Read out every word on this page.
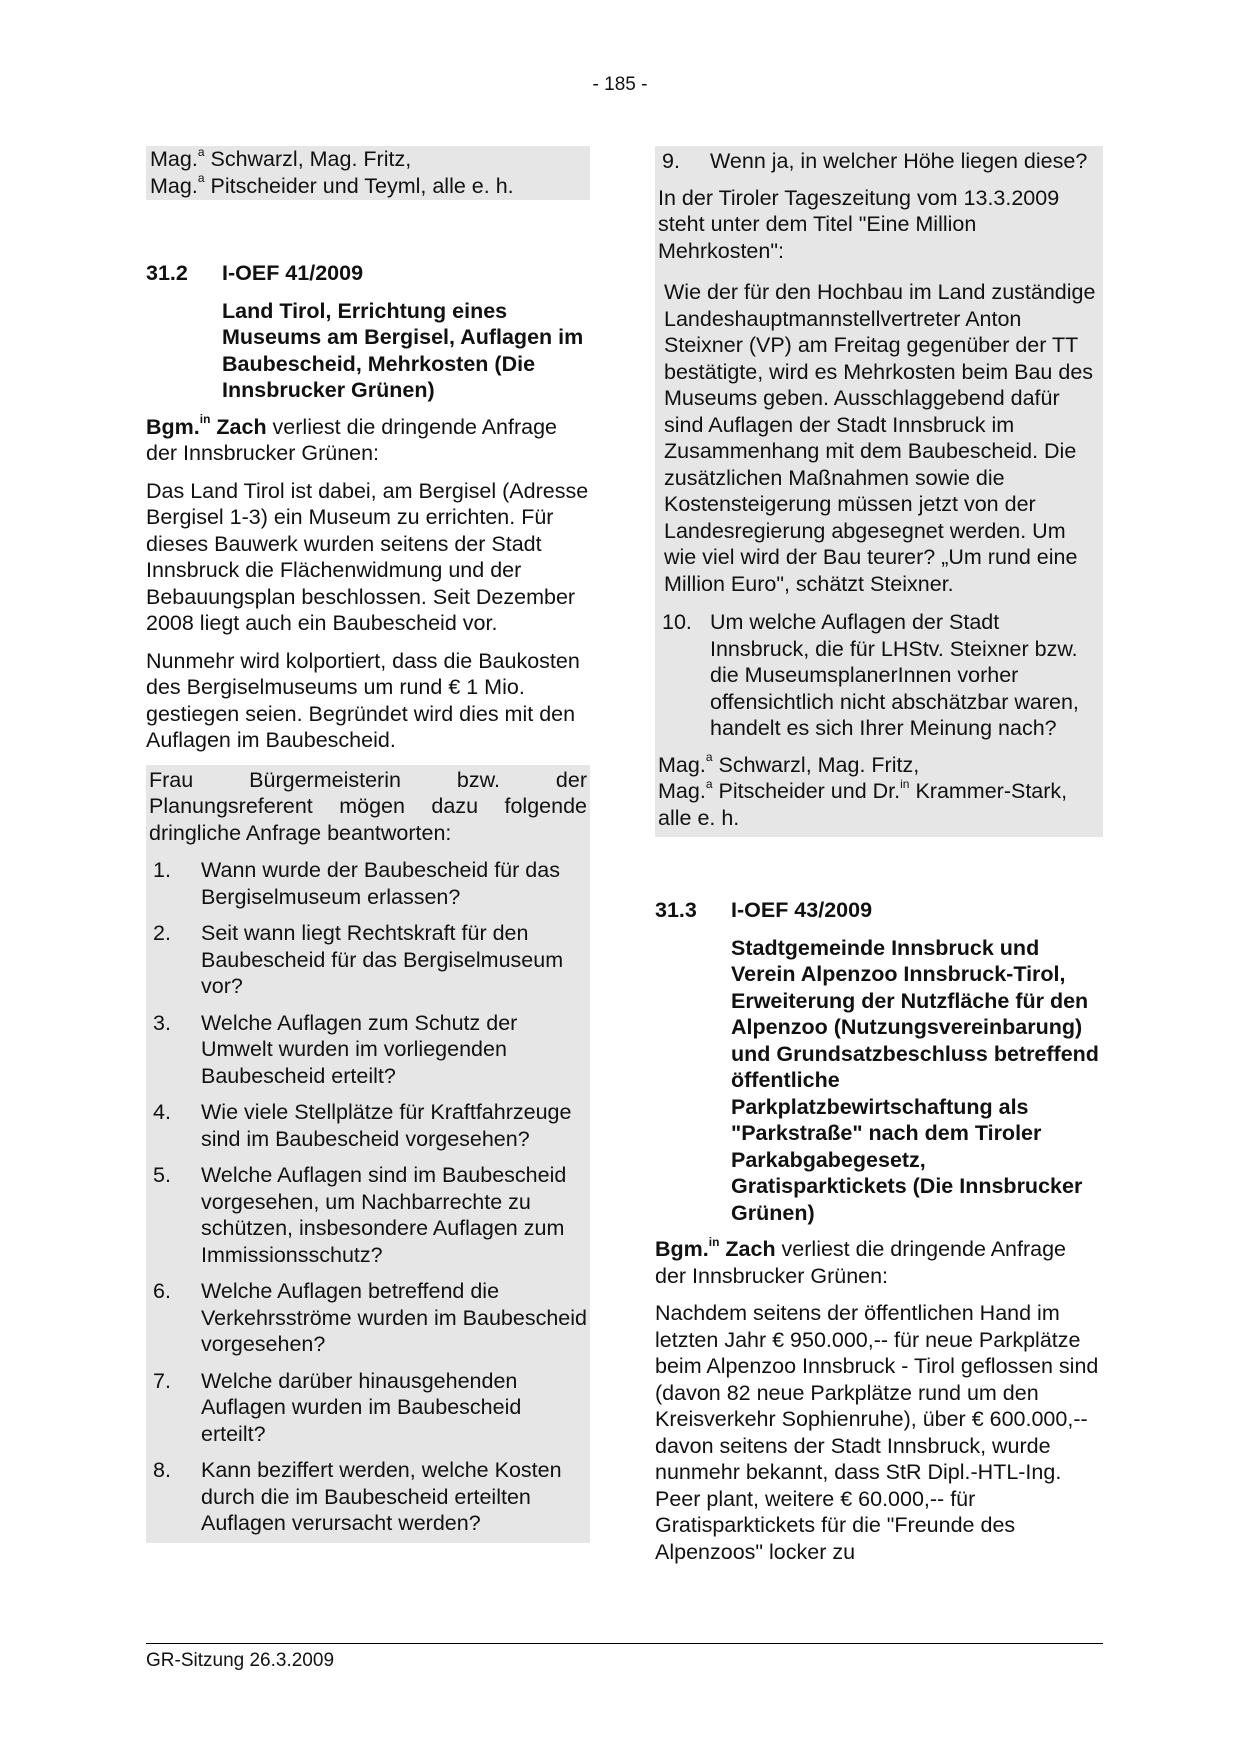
- 185 -
Mag.$^a$ Schwarzl, Mag. Fritz,
Mag.$^a$ Pitscheider und Teyml, alle e. h.
31.2	I-OEF 41/2009

Land Tirol, Errichtung eines Museums am Bergisel, Auflagen im Baubescheid, Mehrkosten (Die Innsbrucker Grünen)

Bgm.$^{in}$ Zach verliest die dringende Anfrage der Innsbrucker Grünen:

Das Land Tirol ist dabei, am Bergisel (Adresse Bergisel 1-3) ein Museum zu errichten. Für dieses Bauwerk wurden seitens der Stadt Innsbruck die Flächenwidmung und der Bebauungsplan beschlossen. Seit Dezember 2008 liegt auch ein Baubescheid vor.

Nunmehr wird kolportiert, dass die Baukosten des Bergiselmuseums um rund € 1 Mio. gestiegen seien. Begründet wird dies mit den Auflagen im Baubescheid.

Frau Bürgermeisterin bzw. der Planungsreferent mögen dazu folgende dringliche Anfrage beantworten:

1.	Wann wurde der Baubescheid für das Bergiselmuseum erlassen?
2.	Seit wann liegt Rechtskraft für den Baubescheid für das Bergiselmuseum vor?
3.	Welche Auflagen zum Schutz der Umwelt wurden im vorliegenden Baubescheid erteilt?
4.	Wie viele Stellplätze für Kraftfahrzeuge sind im Baubescheid vorgesehen?
5.	Welche Auflagen sind im Baubescheid vorgesehen, um Nachbarrechte zu schützen, insbesondere Auflagen zum Immissionsschutz?
6.	Welche Auflagen betreffend die Verkehrsströme wurden im Baubescheid vorgesehen?
7.	Welche darüber hinausgehenden Auflagen wurden im Baubescheid erteilt?
8.	Kann beziffert werden, welche Kosten durch die im Baubescheid erteilten Auflagen verursacht werden?
9.	Wenn ja, in welcher Höhe liegen diese?

In der Tiroler Tageszeitung vom 13.3.2009 steht unter dem Titel "Eine Million Mehrkosten":

Wie der für den Hochbau im Land zuständige Landeshauptmannstellvertreter Anton Steixner (VP) am Freitag gegenüber der TT bestätigte, wird es Mehrkosten beim Bau des Museums geben. Ausschlaggebend dafür sind Auflagen der Stadt Innsbruck im Zusammenhang mit dem Baubescheid. Die zusätzlichen Maßnahmen sowie die Kostensteigerung müssen jetzt von der Landesregierung abgesegnet werden. Um wie viel wird der Bau teurer? „Um rund eine Million Euro", schätzt Steixner.

10. Um welche Auflagen der Stadt Innsbruck, die für LHStv. Steixner bzw. die MuseumsplanerInnen vorher offensichtlich nicht abschätzbar waren, handelt es sich Ihrer Meinung nach?
Mag.$^a$ Schwarzl, Mag. Fritz,
Mag.$^a$ Pitscheider und Dr.$^{in}$ Krammer-Stark, alle e. h.
31.3	I-OEF 43/2009

Stadtgemeinde Innsbruck und Verein Alpenzoo Innsbruck-Tirol, Erweiterung der Nutzfläche für den Alpenzoo (Nutzungsvereinbarung) und Grundsatzbeschluss betreffend öffentliche Parkplatzbewirtschaftung als "Parkstraße" nach dem Tiroler Parkabgabegesetz, Gratisparktickets (Die Innsbrucker Grünen)

Bgm.$^{in}$ Zach verliest die dringende Anfrage der Innsbrucker Grünen:

Nachdem seitens der öffentlichen Hand im letzten Jahr € 950.000,-- für neue Parkplätze beim Alpenzoo Innsbruck - Tirol geflossen sind (davon 82 neue Parkplätze rund um den Kreisverkehr Sophienruhe), über € 600.000,-- davon seitens der Stadt Innsbruck, wurde nunmehr bekannt, dass StR Dipl.-HTL-Ing. Peer plant, weitere € 60.000,-- für Gratisparktickets für die "Freunde des Alpenzoos" locker zu

GR-Sitzung 26.3.2009
